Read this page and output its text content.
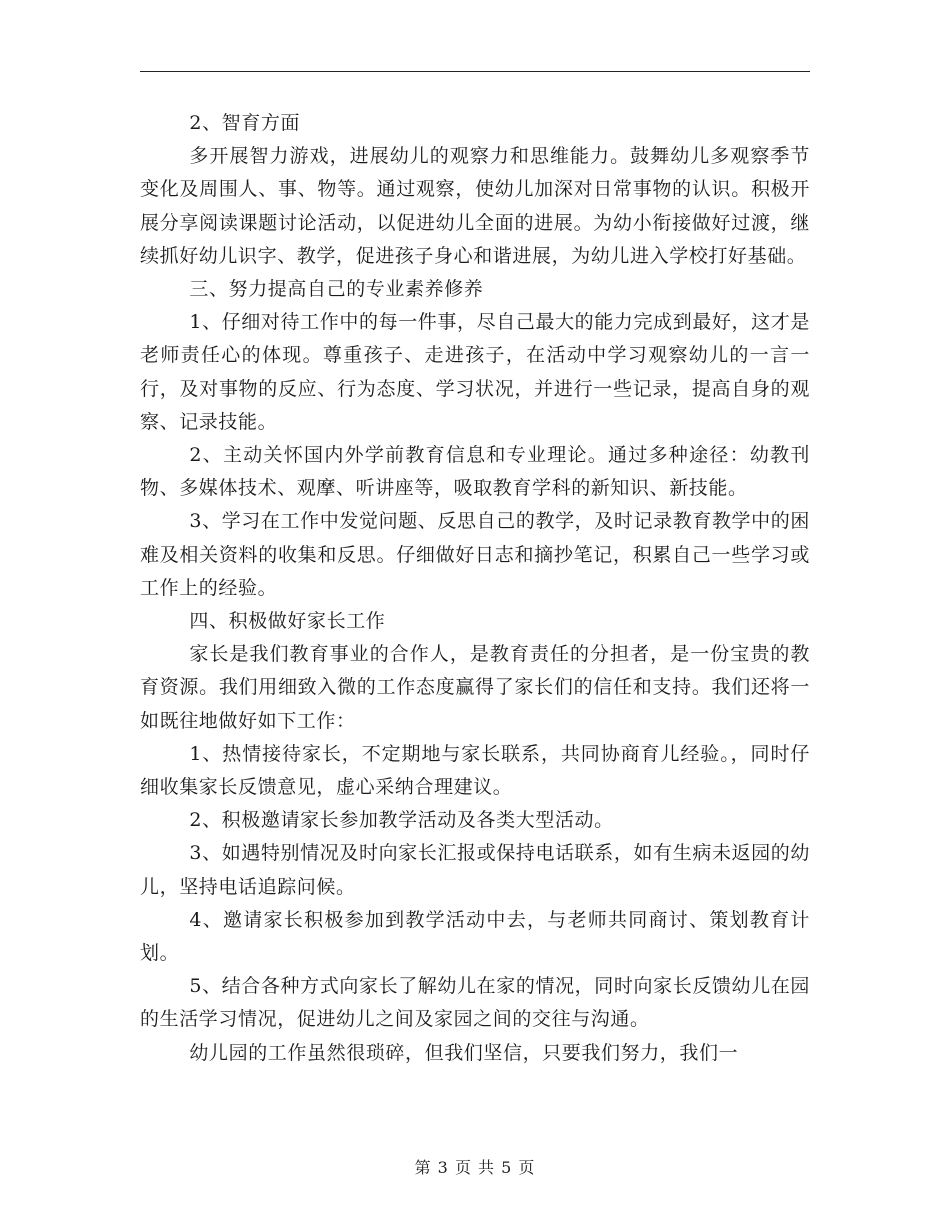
2、智育方面

多开展智力游戏，进展幼儿的观察力和思维能力。鼓舞幼儿多观察季节变化及周围人、事、物等。通过观察，使幼儿加深对日常事物的认识。积极开展分享阅读课题讨论活动，以促进幼儿全面的进展。为幼小衔接做好过渡，继续抓好幼儿识字、教学，促进孩子身心和谐进展，为幼儿进入学校打好基础。

三、努力提高自己的专业素养修养

1、仔细对待工作中的每一件事，尽自己最大的能力完成到最好，这才是老师责任心的体现。尊重孩子、走进孩子，在活动中学习观察幼儿的一言一行，及对事物的反应、行为态度、学习状况，并进行一些记录，提高自身的观察、记录技能。

2、主动关怀国内外学前教育信息和专业理论。通过多种途径：幼教刊物、多媒体技术、观摩、听讲座等，吸取教育学科的新知识、新技能。

3、学习在工作中发觉问题、反思自己的教学，及时记录教育教学中的困难及相关资料的收集和反思。仔细做好日志和摘抄笔记，积累自己一些学习或工作上的经验。

四、积极做好家长工作

家长是我们教育事业的合作人，是教育责任的分担者，是一份宝贵的教育资源。我们用细致入微的工作态度赢得了家长们的信任和支持。我们还将一如既往地做好如下工作：

1、热情接待家长，不定期地与家长联系，共同协商育儿经验。，同时仔细收集家长反馈意见，虚心采纳合理建议。

2、积极邀请家长参加教学活动及各类大型活动。

3、如遇特别情况及时向家长汇报或保持电话联系，如有生病未返园的幼儿，坚持电话追踪问候。

4、邀请家长积极参加到教学活动中去，与老师共同商讨、策划教育计划。

5、结合各种方式向家长了解幼儿在家的情况，同时向家长反馈幼儿在园的生活学习情况，促进幼儿之间及家园之间的交往与沟通。

幼儿园的工作虽然很琐碎，但我们坚信，只要我们努力，我们一

第 3 页 共 5 页
